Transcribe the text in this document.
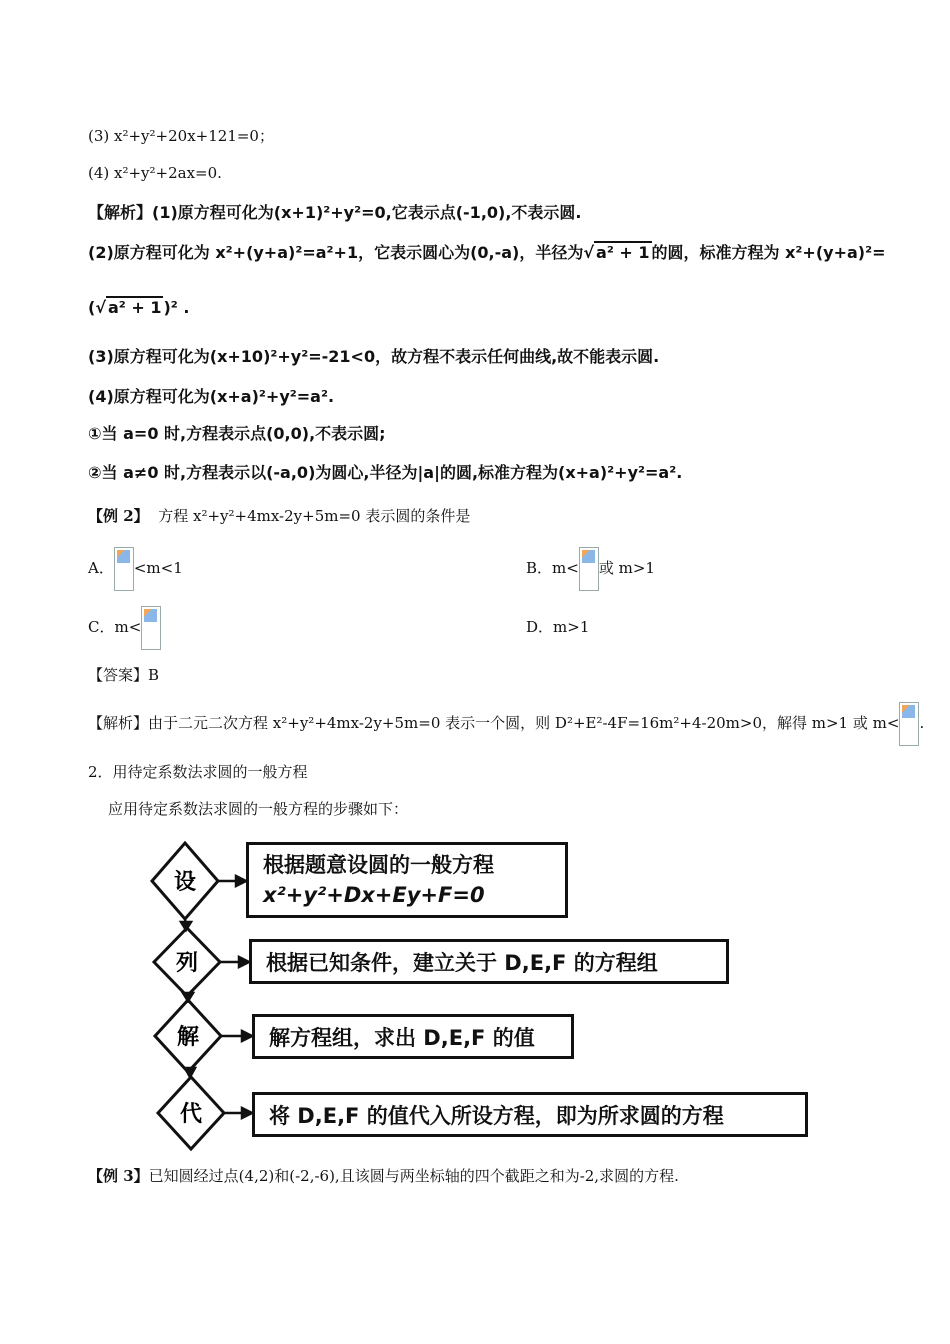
(3) x²+y²+20x+121=0；
(4) x²+y²+2ax=0.
【解析】(1)原方程可化为(x+1)²+y²=0,它表示点(-1,0),不表示圆.
(2)原方程可化为 x²+(y+a)²=a²+1，它表示圆心为(0,-a)，半径为√ a² + 1 的圆，标准方程为 x²+(y+a)²=
(√ a² + 1 )² .
(3)原方程可化为(x+10)²+y²=-21<0，故方程不表示任何曲线,故不能表示圆.
(4)原方程可化为(x+a)²+y²=a².
①当 a=0 时,方程表示点(0,0),不表示圆;
②当 a≠0 时,方程表示以(-a,0)为圆心,半径为|a|的圆,标准方程为(x+a)²+y²=a².
【例 2】 方程 x²+y²+4mx-2y+5m=0 表示圆的条件是
A． <m<1	B．m< 或 m>1
C．m<	D．m>1
【答案】B
【解析】由于二元二次方程 x²+y²+4mx-2y+5m=0 表示一个圆，则 D²+E²-4F=16m²+4-20m>0，解得 m>1 或 m< .
2．用待定系数法求圆的一般方程
应用待定系数法求圆的一般方程的步骤如下：
设
列
解
代
根据题意设圆的一般方程
x²+y²+Dx+Ey+F=0
根据已知条件，建立关于 D,E,F 的方程组
解方程组，求出 D,E,F 的值
将 D,E,F 的值代入所设方程，即为所求圆的方程
【例 3】已知圆经过点(4,2)和(-2,-6),且该圆与两坐标轴的四个截距之和为-2,求圆的方程.
